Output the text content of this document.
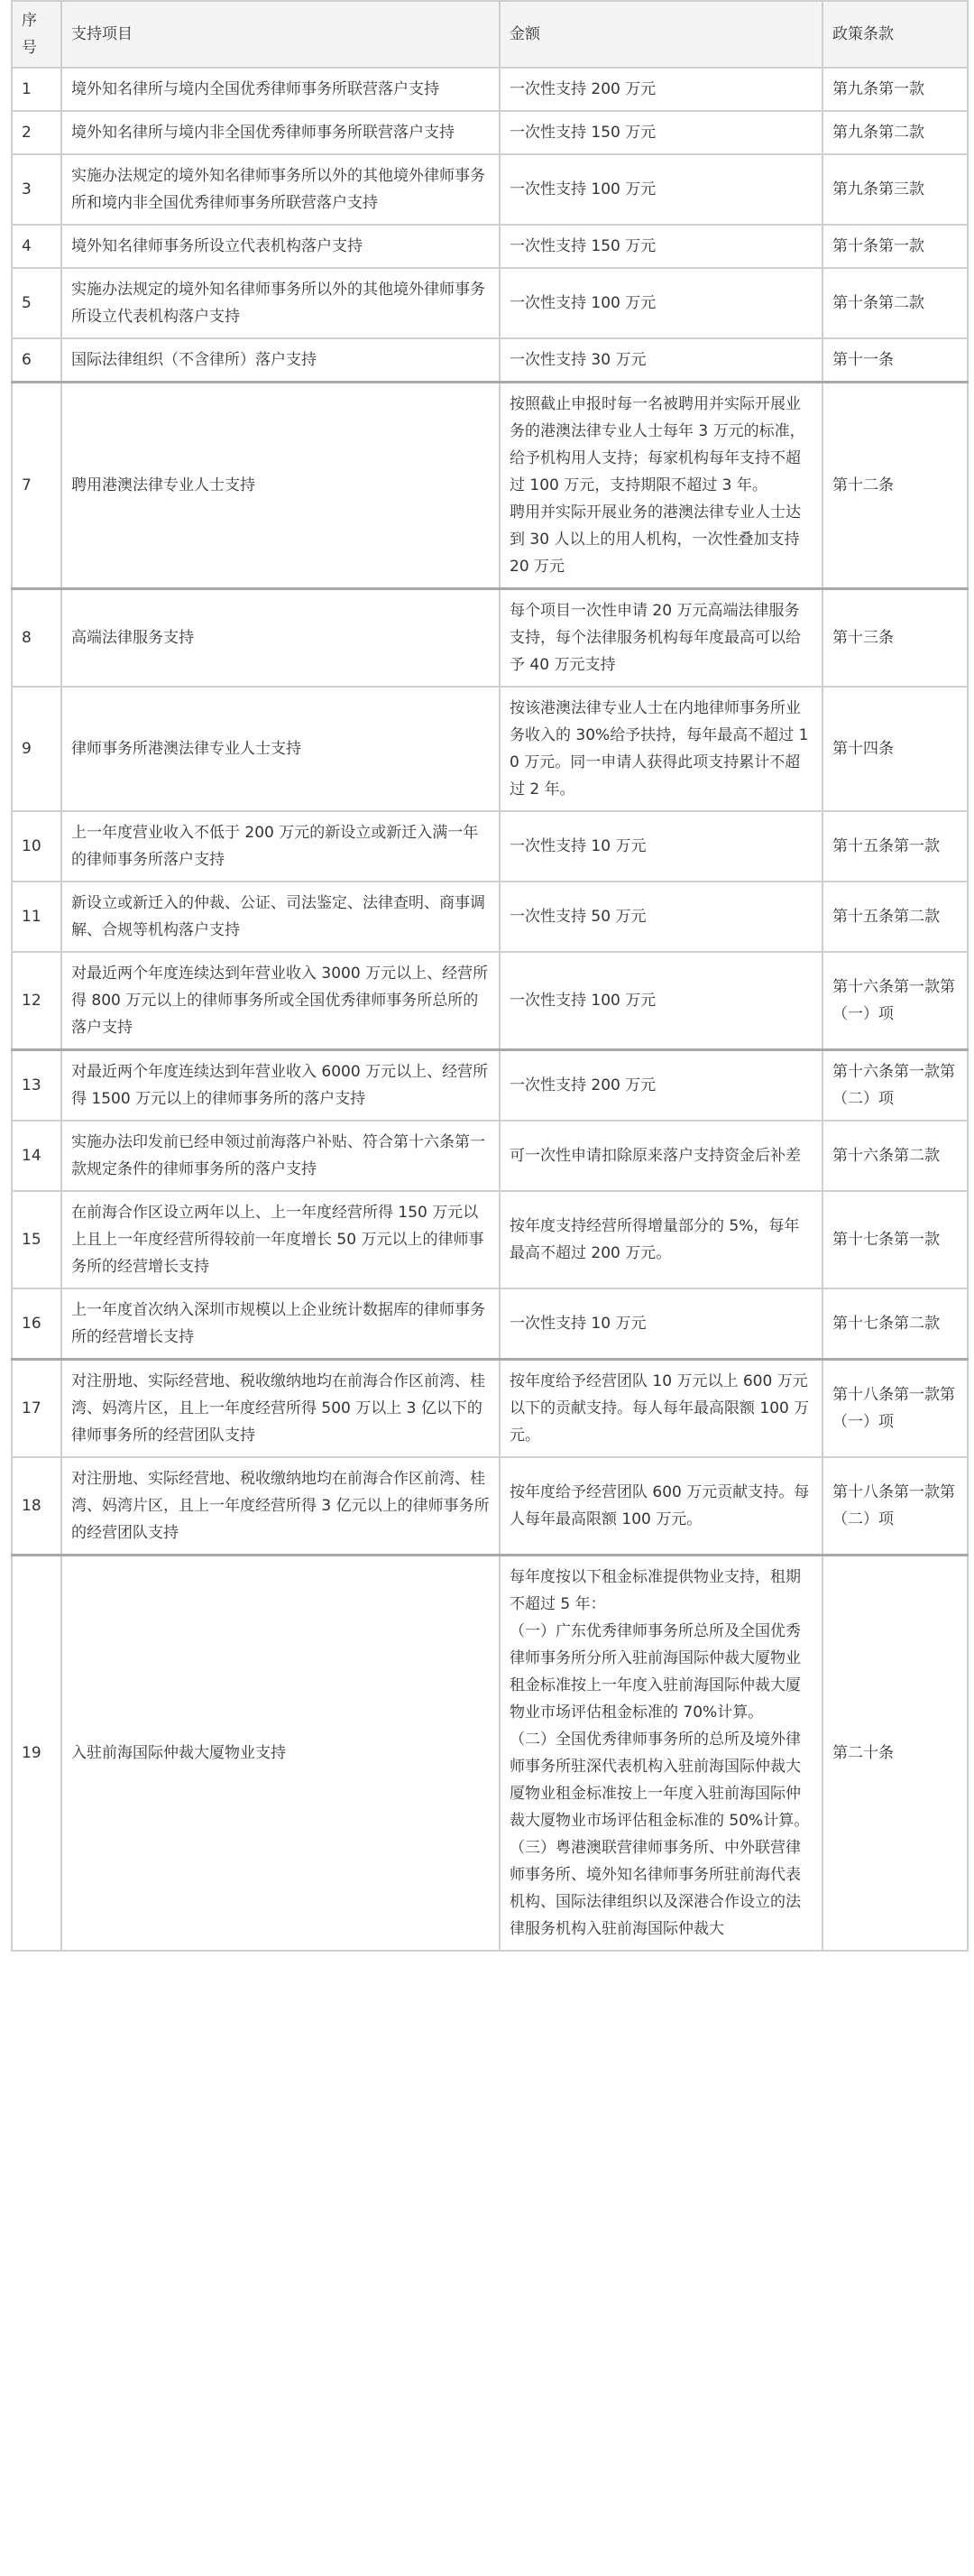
序号	支持项目	金额	政策条款
1	境外知名律所与境内全国优秀律师事务所联营落户支持	一次性支持 200 万元	第九条第一款
2	境外知名律所与境内非全国优秀律师事务所联营落户支持	一次性支持 150 万元	第九条第二款
3	实施办法规定的境外知名律师事务所以外的其他境外律师事务所和境内非全国优秀律师事务所联营落户支持	一次性支持 100 万元	第九条第三款
4	境外知名律师事务所设立代表机构落户支持	一次性支持 150 万元	第十条第一款
5	实施办法规定的境外知名律师事务所以外的其他境外律师事务所设立代表机构落户支持	一次性支持 100 万元	第十条第二款
6	国际法律组织（不含律所）落户支持	一次性支持 30 万元	第十一条
7	聘用港澳法律专业人士支持	按照截止申报时每一名被聘用并实际开展业务的港澳法律专业人士每年 3 万元的标准，给予机构用人支持；每家机构每年支持不超过 100 万元，支持期限不超过 3 年。
聘用并实际开展业务的港澳法律专业人士达到 30 人以上的用人机构，一次性叠加支持 20 万元	第十二条
8	高端法律服务支持	每个项目一次性申请 20 万元高端法律服务支持，每个法律服务机构每年度最高可以给予 40 万元支持	第十三条
9	律师事务所港澳法律专业人士支持	按该港澳法律专业人士在内地律师事务所业务收入的 30%给予扶持，每年最高不超过 10 万元。同一申请人获得此项支持累计不超过 2 年。	第十四条
10	上一年度营业收入不低于 200 万元的新设立或新迁入满一年的律师事务所落户支持	一次性支持 10 万元	第十五条第一款
11	新设立或新迁入的仲裁、公证、司法鉴定、法律查明、商事调解、合规等机构落户支持	一次性支持 50 万元	第十五条第二款
12	对最近两个年度连续达到年营业收入 3000 万元以上、经营所得 800 万元以上的律师事务所或全国优秀律师事务所总所的落户支持	一次性支持 100 万元	第十六条第一款第（一）项
13	对最近两个年度连续达到年营业收入 6000 万元以上、经营所得 1500 万元以上的律师事务所的落户支持	一次性支持 200 万元	第十六条第一款第（二）项
14	实施办法印发前已经申领过前海落户补贴、符合第十六条第一款规定条件的律师事务所的落户支持	可一次性申请扣除原来落户支持资金后补差	第十六条第二款
15	在前海合作区设立两年以上、上一年度经营所得 150 万元以上且上一年度经营所得较前一年度增长 50 万元以上的律师事务所的经营增长支持	按年度支持经营所得增量部分的 5%，每年最高不超过 200 万元。	第十七条第一款
16	上一年度首次纳入深圳市规模以上企业统计数据库的律师事务所的经营增长支持	一次性支持 10 万元	第十七条第二款
17	对注册地、实际经营地、税收缴纳地均在前海合作区前湾、桂湾、妈湾片区，且上一年度经营所得 500 万以上 3 亿以下的律师事务所的经营团队支持	按年度给予经营团队 10 万元以上 600 万元以下的贡献支持。每人每年最高限额 100 万元。	第十八条第一款第（一）项
18	对注册地、实际经营地、税收缴纳地均在前海合作区前湾、桂湾、妈湾片区，且上一年度经营所得 3 亿元以上的律师事务所的经营团队支持	按年度给予经营团队 600 万元贡献支持。每人每年最高限额 100 万元。	第十八条第一款第（二）项
19	入驻前海国际仲裁大厦物业支持	每年度按以下租金标准提供物业支持，租期不超过 5 年：
（一）广东优秀律师事务所总所及全国优秀律师事务所分所入驻前海国际仲裁大厦物业租金标准按上一年度入驻前海国际仲裁大厦物业市场评估租金标准的 70%计算。
（二）全国优秀律师事务所的总所及境外律师事务所驻深代表机构入驻前海国际仲裁大厦物业租金标准按上一年度入驻前海国际仲裁大厦物业市场评估租金标准的 50%计算。
（三）粤港澳联营律师事务所、中外联营律师事务所、境外知名律师事务所驻前海代表机构、国际法律组织以及深港合作设立的法律服务机构入驻前海国际仲裁大	第二十条
